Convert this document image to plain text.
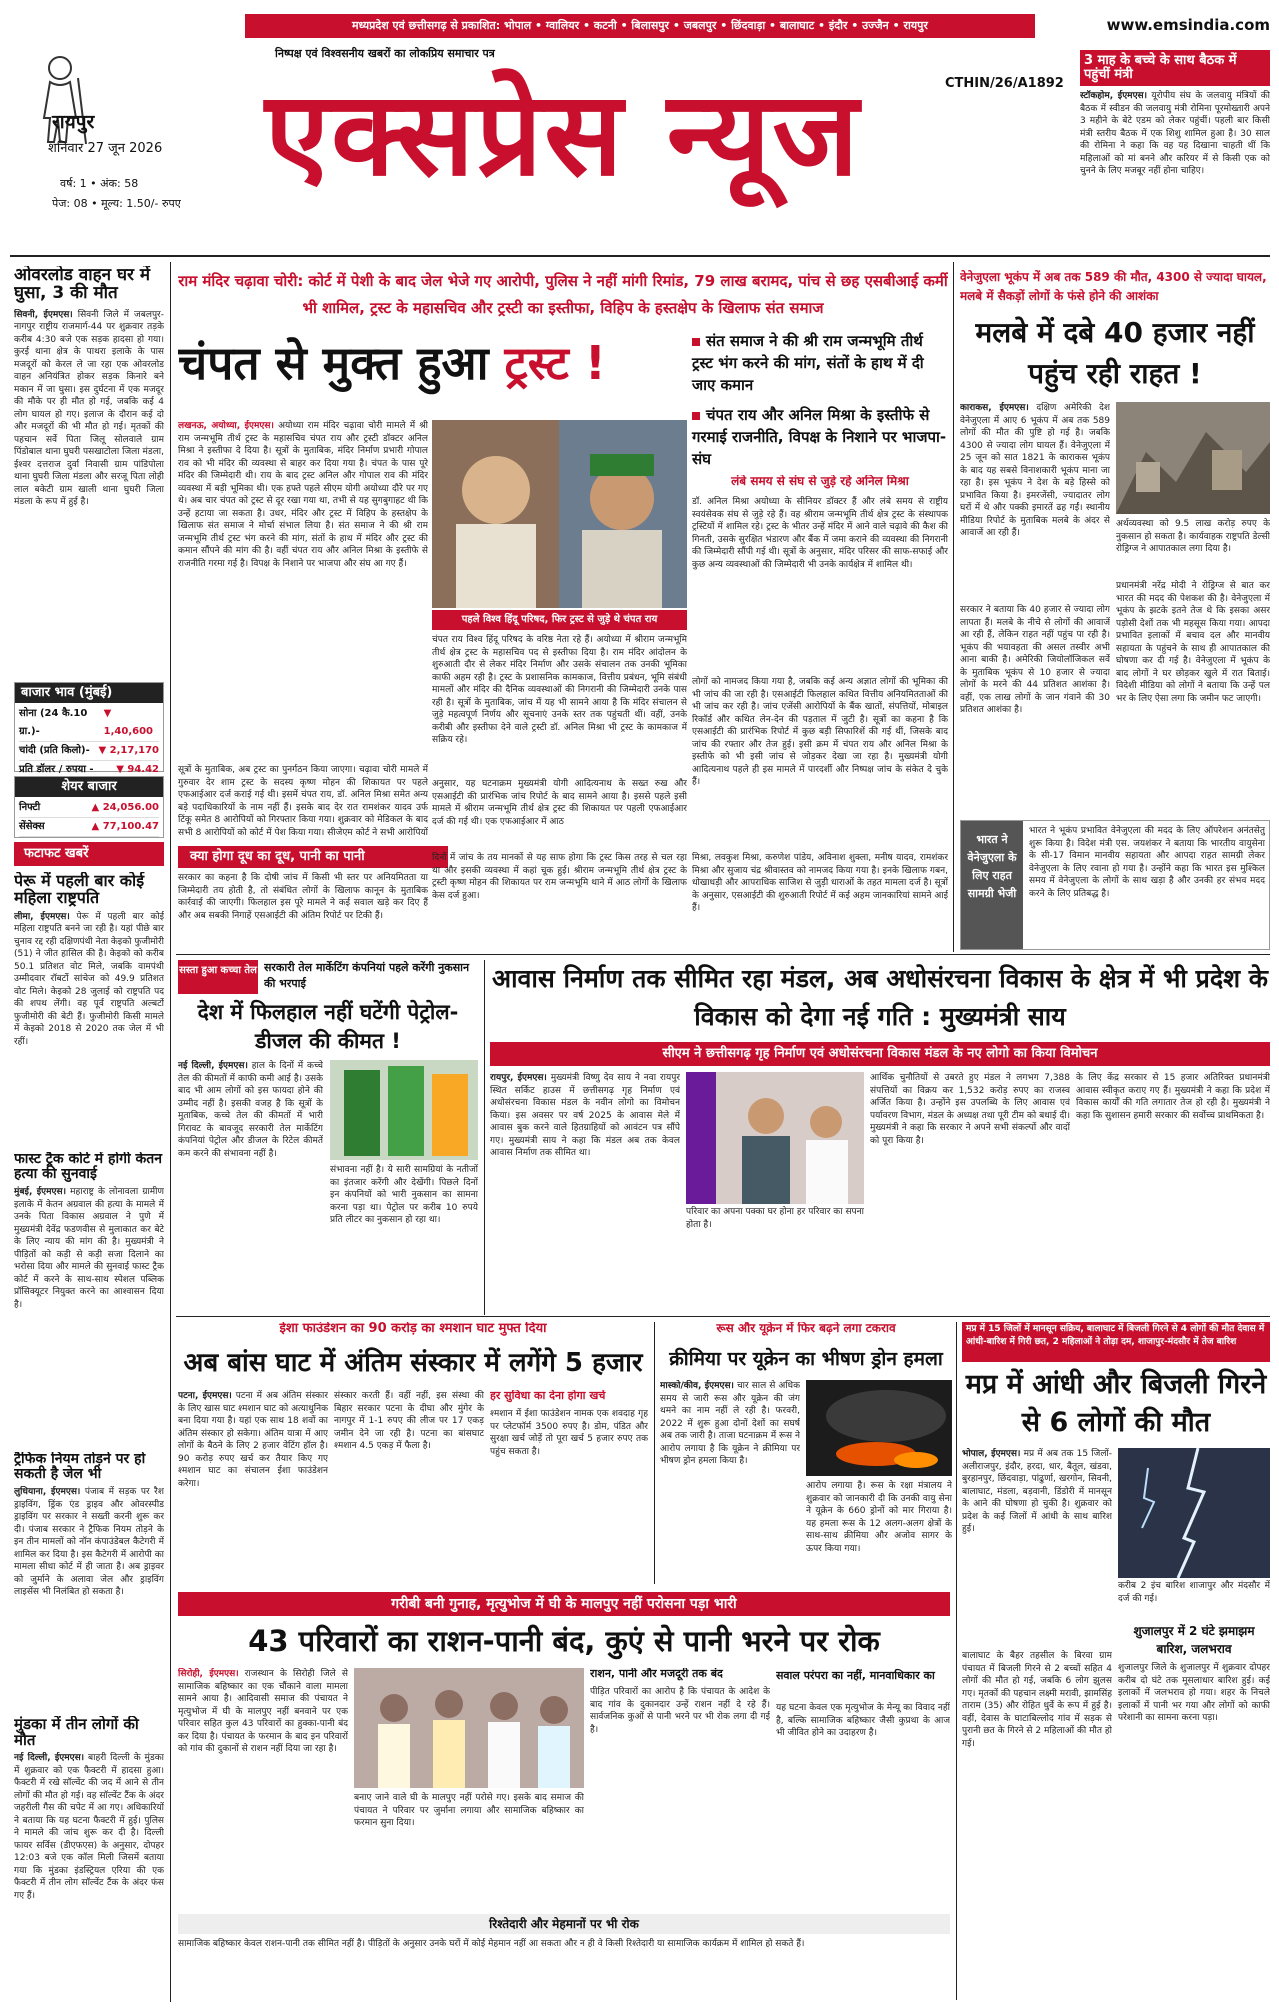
मध्यप्रदेश एवं छत्तीसगढ़ से प्रकाशित: भोपाल • ग्वालियर • कटनी • बिलासपुर • जबलपुर • छिंदवाड़ा • बालाघाट • इंदौर • उज्जैन • रायपुर	www.emsindia.com
रायपुर
शनिवार 27 जून 2026
वर्ष: 1 • अंक: 58
पेज: 08 • मूल्य: 1.50/- रुपए
निष्पक्ष एवं विश्वसनीय खबरों का लोकप्रिय समाचार पत्र
एक्सप्रेस न्यूज	CTHIN/26/A1892
3 माह के बच्चे के साथ बैठक में पहुंचीं मंत्री
स्टॉकहोम, ईएमएस। यूरोपीय संघ के जलवायु मंत्रियों की बैठक में स्वीडन की जलवायु मंत्री रोमिना पूरमोख्तारी अपने 3 महीने के बेटे एडम को लेकर पहुंचीं। पहली बार किसी मंत्री स्तरीय बैठक में एक शिशु शामिल हुआ है। 30 साल की रोमिना ने कहा कि वह यह दिखाना चाहती थीं कि महिलाओं को मां बनने और करियर में से किसी एक को चुनने के लिए मजबूर नहीं होना चाहिए।
ओवरलोड वाहन घर में घुसा, 3 की मौत
सिवनी, ईएमएस। सिवनी जिले में जबलपुर-नागपुर राष्ट्रीय राजमार्ग-44 पर शुक्रवार तड़के करीब 4:30 बजे एक सड़क हादसा हो गया। कुरई थाना क्षेत्र के पाथरा इलाके के पास मजदूरों को केरल ले जा रहा एक ओवरलोड वाहन अनियंत्रित होकर सड़क किनारे बने मकान में जा घुसा। इस दुर्घटना में एक मजदूर की मौके पर ही मौत हो गई, जबकि कई 4 लोग घायल हो गए। इलाज के दौरान कई दो और मजदूरों की भी मौत हो गई। मृतकों की पहचान सर्वे पिता जिलू सोलवाले ग्राम पिंडोबाल थाना घुघरी पसखाटोला जिला मंडला, ईश्वर दत्तराज दुर्वा निवासी ग्राम पांडिपोला थाना घुघरी जिला मंडला और सरजू पिता लोही लाल बकेटी ग्राम खाली थाना घुघरी जिला मंडला के रूप में हुई है।
बाजार भाव (मुंबई)
सोना (24 कै.10 ग्रा.)-
▼ 1,40,600
चांदी (प्रति किलो)- ▼ 2,17,170
प्रति डॉलर / रुपया - ▼ 94.42
शेयर बाजार
निफ्टी	▲ 24,056.00
सेंसेक्स	▲ 77,100.47
फटाफट खबरें
पेरू में पहली बार कोई महिला राष्ट्रपति
लीमा, ईएमएस। पेरू में पहली बार कोई महिला राष्ट्रपति बनने जा रही है। यहां पीछे बार चुनाव रद्द रही दक्षिणपंथी नेता केइको फुजीमोरी (51) ने जीत हासिल की है। केइको को करीब 50.1 प्रतिशत वोट मिले, जबकि वामपंथी उम्मीदवार रॉबर्टो सांचेज को 49.9 प्रतिशत वोट मिले। केइको 28 जुलाई को राष्ट्रपति पद की शपथ लेंगी। वह पूर्व राष्ट्रपति अल्बर्टो फुजीमोरी की बेटी हैं। फुजीमोरी किसी मामले में केइको 2018 से 2020 तक जेल में भी रहीं।
फास्ट ट्रैक कोर्ट में होगी केतन हत्या की सुनवाई
मुंबई, ईएमएस। महाराष्ट्र के लोनावला ग्रामीण इलाके में केतन अग्रवाल की हत्या के मामले में उनके पिता विकास अग्रवाल ने पुणे में मुख्यमंत्री देवेंद्र फडणवीस से मुलाकात कर बेटे के लिए न्याय की मांग की है। मुख्यमंत्री ने पीड़ितों को कड़ी से कड़ी सजा दिलाने का भरोसा दिया और मामले की सुनवाई फास्ट ट्रैक कोर्ट में करने के साथ-साथ स्पेशल पब्लिक प्रॉसिक्यूटर नियुक्त करने का आश्वासन दिया है।
ट्रैफिक नियम तोड़ने पर हो सकती है जेल भी
लुधियाना, ईएमएस। पंजाब में सड़क पर रैश ड्राइविंग, ड्रिंक एंड ड्राइव और ओवरस्पीड ड्राइविंग पर सरकार ने सख्ती करनी शुरू कर दी। पंजाब सरकार ने ट्रैफिक नियम तोड़ने के इन तीन मामलों को नॉन कंपाउंडेबल कैटेगरी में शामिल कर दिया है। इस कैटेगरी में आरोपी का मामला सीधा कोर्ट में ही जाता है। अब ड्राइवर को जुर्माने के अलावा जेल और ड्राइविंग लाइसेंस भी निलंबित हो सकता है।
मुंडका में तीन लोगों की मौत
नई दिल्ली, ईएमएस। बाहरी दिल्ली के मुंडका में शुक्रवार को एक फैक्टरी में हादसा हुआ। फैक्टरी में रखे सॉल्वेंट की जद में आने से तीन लोगों की मौत हो गई। वह सॉल्वेंट टैंक के अंदर जहरीली गैस की चपेट में आ गए। अधिकारियों ने बताया कि यह घटना फैक्टरी में हुई। पुलिस ने मामले की जांच शुरू कर दी है। दिल्ली फायर सर्विस (डीएफएस) के अनुसार, दोपहर 12:03 बजे एक कॉल मिली जिसमें बताया गया कि मुंडका इंडस्ट्रियल एरिया की एक फैक्टरी में तीन लोग सॉल्वेंट टैंक के अंदर फंस गए हैं।
राम मंदिर चढ़ावा चोरी: कोर्ट में पेशी के बाद जेल भेजे गए आरोपी, पुलिस ने नहीं मांगी रिमांड, 79 लाख बरामद, पांच से छह एसबीआई कर्मी भी शामिल, ट्रस्ट के महासचिव और ट्रस्टी का इस्तीफा, विहिप के हस्तक्षेप के खिलाफ संत समाज
चंपत से मुक्त हुआ ट्रस्ट !	संत समाज ने की श्री राम जन्मभूमि तीर्थ ट्रस्ट भंग करने की मांग, संतों के हाथ में दी जाए कमान
चंपत राय और अनिल मिश्रा के इस्तीफे से गरमाई राजनीति, विपक्ष के निशाने पर भाजपा-संघ
लखनऊ, अयोध्या, ईएमएस। अयोध्या राम मंदिर चढ़ावा चोरी मामले में श्री राम जन्मभूमि तीर्थ ट्रस्ट के महासचिव चंपत राय और ट्रस्टी डॉक्टर अनिल मिश्रा ने इस्तीफा दे दिया है। सूत्रों के मुताबिक, मंदिर निर्माण प्रभारी गोपाल राव को भी मंदिर की व्यवस्था से बाहर कर दिया गया है। चंपत के पास पूरे मंदिर की जिम्मेदारी थी। राय के बाद ट्रस्ट अनिल और गोपाल राव की मंदिर व्यवस्था में बड़ी भूमिका थी। एक हफ्ते पहले सीएम योगी अयोध्या दौरे पर गए थे। अब चार चंपत को ट्रस्ट से दूर रखा गया था, तभी से यह सुगबुगाहट थी कि उन्हें हटाया जा सकता है। उधर, मंदिर और ट्रस्ट में विहिप के हस्तक्षेप के खिलाफ संत समाज ने मोर्चा संभाल लिया है। संत समाज ने की श्री राम जन्मभूमि तीर्थ ट्रस्ट भंग करने की मांग, संतों के हाथ में मंदिर और ट्रस्ट की कमान सौंपने की मांग की है। वहीं चंपत राय और अनिल मिश्रा के इस्तीफे से राजनीति गरमा गई है। विपक्ष के निशाने पर भाजपा और संघ आ गए हैं।
सूत्रों के मुताबिक, अब ट्रस्ट का पुनर्गठन किया जाएगा। चढ़ावा चोरी मामले में गुरुवार देर शाम ट्रस्ट के सदस्य कृष्ण मोहन की शिकायत पर पहले एफआईआर दर्ज कराई गई थी। इसमें चंपत राय, डॉ. अनिल मिश्रा समेत अन्य बड़े पदाधिकारियों के नाम नहीं हैं। इसके बाद देर रात रामशंकर यादव उर्फ टिंकू समेत 8 आरोपियों को गिरफ्तार किया गया। शुक्रवार को मेडिकल के बाद सभी 8 आरोपियों को कोर्ट में पेश किया गया। सीजेएम कोर्ट ने सभी आरोपियों
पहले विश्व हिंदू परिषद, फिर ट्रस्ट से जुड़े थे चंपत राय
चंपत राय विश्व हिंदू परिषद के वरिष्ठ नेता रहे हैं। अयोध्या में श्रीराम जन्मभूमि तीर्थ क्षेत्र ट्रस्ट के महासचिव पद से इस्तीफा दिया है। राम मंदिर आंदोलन के शुरुआती दौर से लेकर मंदिर निर्माण और उसके संचालन तक उनकी भूमिका काफी अहम रही है। ट्रस्ट के प्रशासनिक कामकाज, वित्तीय प्रबंधन, भूमि संबंधी मामलों और मंदिर की दैनिक व्यवस्थाओं की निगरानी की जिम्मेदारी उनके पास रही है। सूत्रों के मुताबिक, जांच में यह भी सामने आया है कि मंदिर संचालन से जुड़े महत्वपूर्ण निर्णय और सूचनाएं उनके स्तर तक पहुंचती थीं। वहीं, उनके करीबी और इस्तीफा देने वाले ट्रस्टी डॉ. अनिल मिश्रा भी ट्रस्ट के कामकाज में सक्रिय रहे।
अनुसार, यह घटनाक्रम मुख्यमंत्री योगी आदित्यनाथ के सख्त रुख और एसआईटी की प्रारंभिक जांच रिपोर्ट के बाद सामने आया है। इससे पहले इसी मामले में श्रीराम जन्मभूमि तीर्थ क्षेत्र ट्रस्ट की शिकायत पर पहली एफआईआर दर्ज की गई थी। एक एफआईआर में आठ
लंबे समय से संघ से जुड़े रहे अनिल मिश्रा
डॉ. अनिल मिश्रा अयोध्या के सीनियर डॉक्टर हैं और लंबे समय से राष्ट्रीय स्वयंसेवक संघ से जुड़े रहे हैं। वह श्रीराम जन्मभूमि तीर्थ क्षेत्र ट्रस्ट के संस्थापक ट्रस्टियों में शामिल रहे। ट्रस्ट के भीतर उन्हें मंदिर में आने वाले चढ़ावे की कैश की गिनती, उसके सुरक्षित भंडारण और बैंक में जमा कराने की व्यवस्था की निगरानी की जिम्मेदारी सौंपी गई थी। सूत्रों के अनुसार, मंदिर परिसर की साफ-सफाई और कुछ अन्य व्यवस्थाओं की जिम्मेदारी भी उनके कार्यक्षेत्र में शामिल थी।
लोगों को नामजद किया गया है, जबकि कई अन्य अज्ञात लोगों की भूमिका की भी जांच की जा रही है। एसआईटी फिलहाल कथित वित्तीय अनियमितताओं की भी जांच कर रही है। जांच एजेंसी आरोपियों के बैंक खातों, संपत्तियों, मोबाइल रिकॉर्ड और कथित लेन-देन की पड़ताल में जुटी है। सूत्रों का कहना है कि एसआईटी की प्रारंभिक रिपोर्ट में कुछ बड़ी सिफारिशें की गई थीं, जिसके बाद जांच की रफ्तार और तेज हुई। इसी क्रम में चंपत राय और अनिल मिश्रा के इस्तीफे को भी इसी जांच से जोड़कर देखा जा रहा है। मुख्यमंत्री योगी आदित्यनाथ पहले ही इस मामले में पारदर्शी और निष्पक्ष जांच के संकेत दे चुके हैं।
क्या होगा दूध का दूध, पानी का पानी
सरकार का कहना है कि दोषी जांच में किसी भी स्तर पर अनियमितता या जिम्मेदारी तय होती है, तो संबंधित लोगों के खिलाफ कानून के मुताबिक कार्रवाई की जाएगी। फिलहाल इस पूरे मामले ने कई सवाल खड़े कर दिए हैं और अब सबकी निगाहें एसआईटी की अंतिम रिपोर्ट पर टिकी हैं।
दिनों में जांच के तय मानकों से यह साफ होगा कि ट्रस्ट किस तरह से चल रहा था और इसकी व्यवस्था में कहां चूक हुई। श्रीराम जन्मभूमि तीर्थ क्षेत्र ट्रस्ट के ट्रस्टी कृष्ण मोहन की शिकायत पर राम जन्मभूमि थाने में आठ लोगों के खिलाफ केस दर्ज हुआ।
मिश्रा, लवकुश मिश्रा, करुणेश पांडेय, अविनाश शुक्ला, मनीष यादव, रामशंकर मिश्रा और सुजाय चंद्र श्रीवास्तव को नामजद किया गया है। इनके खिलाफ गबन, धोखाधड़ी और आपराधिक साजिश से जुड़ी धाराओं के तहत मामला दर्ज है। सूत्रों के अनुसार, एसआईटी की शुरुआती रिपोर्ट में कई अहम जानकारियां सामने आई हैं।
वेनेजुएला भूकंप में अब तक 589 की मौत, 4300 से ज्यादा घायल, मलबे में सैकड़ों लोगों के फंसे होने की आशंका
मलबे में दबे 40 हजार नहीं पहुंच रही राहत !
काराकस, ईएमएस। दक्षिण अमेरिकी देश वेनेजुएला में आए 6 भूकंप में अब तक 589 लोगों की मौत की पुष्टि हो गई है। जबकि 4300 से ज्यादा लोग घायल हैं। वेनेजुएला में 25 जून को सात 1821 के काराकस भूकंप के बाद यह सबसे विनाशकारी भूकंप माना जा रहा है। इस भूकंप ने देश के बड़े हिस्से को प्रभावित किया है। इमरजेंसी, ज्यादातर लोग घरों में थे और पक्की इमारतें ढह गईं। स्थानीय मीडिया रिपोर्ट के मुताबिक मलबे के अंदर से आवाजें आ रही हैं।
सरकार ने बताया कि 40 हजार से ज्यादा लोग लापता हैं। मलबे के नीचे से लोगों की आवाजें आ रही हैं, लेकिन राहत नहीं पहुंच पा रही है। भूकंप की भयावहता की असल तस्वीर अभी आना बाकी है। अमेरिकी जियोलॉजिकल सर्वे के मुताबिक भूकंप से 10 हजार से ज्यादा लोगों के मरने की 44 प्रतिशत आशंका है। वहीं, एक लाख लोगों के जान गंवाने की 30 प्रतिशत आशंका है।
अर्थव्यवस्था को 9.5 लाख करोड़ रुपए के नुकसान हो सकता है। कार्यवाहक राष्ट्रपति डेल्सी रोड्रिग्ज ने आपातकाल लगा दिया है।
प्रधानमंत्री नरेंद्र मोदी ने रोड्रिग्ज से बात कर भारत की मदद की पेशकश की है। वेनेजुएला में भूकंप के झटके इतने तेज थे कि इसका असर पड़ोसी देशों तक भी महसूस किया गया। आपदा प्रभावित इलाकों में बचाव दल और मानवीय सहायता के पहुंचने के साथ ही आपातकाल की घोषणा कर दी गई है। वेनेजुएला में भूकंप के बाद लोगों ने घर छोड़कर खुले में रात बिताई। विदेशी मीडिया को लोगों ने बताया कि उन्हें पल भर के लिए ऐसा लगा कि जमीन फट जाएगी।
भारत ने वेनेजुएला के लिए राहत सामग्री भेजी
भारत ने भूकंप प्रभावित वेनेजुएला की मदद के लिए ऑपरेशन अनंतसेतु शुरू किया है। विदेश मंत्री एस. जयशंकर ने बताया कि भारतीय वायुसेना के सी-17 विमान मानवीय सहायता और आपदा राहत सामग्री लेकर वेनेजुएला के लिए रवाना हो गया है। उन्होंने कहा कि भारत इस मुश्किल समय में वेनेजुएला के लोगों के साथ खड़ा है और उनकी हर संभव मदद करने के लिए प्रतिबद्ध है।
सस्ता हुआ कच्चा तेल सरकारी तेल मार्केटिंग कंपनियां पहले करेंगी नुकसान की भरपाई
देश में फिलहाल नहीं घटेंगी पेट्रोल-डीजल की कीमत !
नई दिल्ली, ईएमएस। हाल के दिनों में कच्चे तेल की कीमतों में काफी कमी आई है। उसके बाद भी आम लोगों को इस फायदा होने की उम्मीद नहीं है। इसकी वजह है कि सूत्रों के मुताबिक, कच्चे तेल की कीमतों में भारी गिरावट के बावजूद सरकारी तेल मार्केटिंग कंपनियां पेट्रोल और डीजल के रिटेल कीमतें कम करने की संभावना नहीं है।
संभावना नहीं है। ये सारी सामग्रियां के नतीजों का इंतजार करेंगी और देखेंगी। पिछले दिनों इन कंपनियों को भारी नुकसान का सामना करना पड़ा था। पेट्रोल पर करीब 10 रुपये प्रति लीटर का नुकसान हो रहा था।
आवास निर्माण तक सीमित रहा मंडल, अब अधोसंरचना विकास के क्षेत्र में भी प्रदेश के विकास को देगा नई गति : मुख्यमंत्री साय
सीएम ने छत्तीसगढ़ गृह निर्माण एवं अधोसंरचना विकास मंडल के नए लोगो का किया विमोचन
रायपुर, ईएमएस। मुख्यमंत्री विष्णु देव साय ने नवा रायपुर स्थित सर्किट हाउस में छत्तीसगढ़ गृह निर्माण एवं अधोसंरचना विकास मंडल के नवीन लोगो का विमोचन किया। इस अवसर पर वर्ष 2025 के आवास मेले में आवास बुक करने वाले हितग्राहियों को आवंटन पत्र सौंपे गए। मुख्यमंत्री साय ने कहा कि मंडल अब तक केवल आवास निर्माण तक सीमित था।
परिवार का अपना पक्का घर होना हर परिवार का सपना होता है।
आर्थिक चुनौतियों से उबरते हुए मंडल ने लगभग 7,388 संपत्तियों का विक्रय कर 1,532 करोड़ रुपए का राजस्व अर्जित किया है। उन्होंने इस उपलब्धि के लिए आवास एवं पर्यावरण विभाग, मंडल के अध्यक्ष तथा पूरी टीम को बधाई दी। मुख्यमंत्री ने कहा कि सरकार ने अपने सभी संकल्पों और वादों को पूरा किया है।
के लिए केंद्र सरकार से 15 हजार अतिरिक्त प्रधानमंत्री आवास स्वीकृत कराए गए हैं। मुख्यमंत्री ने कहा कि प्रदेश में विकास कार्यों की गति लगातार तेज हो रही है। मुख्यमंत्री ने कहा कि सुशासन हमारी सरकार की सर्वोच्च प्राथमिकता है।
ईशा फाउंडेशन का 90 करोड़ का श्मशान घाट मुफ्त दिया
अब बांस घाट में अंतिम संस्कार में लगेंगे 5 हजार
पटना, ईएमएस। पटना में अब अंतिम संस्कार के लिए खास घाट श्मशान घाट को अत्याधुनिक बना दिया गया है। यहां एक साथ 18 शवों का अंतिम संस्कार हो सकेगा। अंतिम यात्रा में आए लोगों के बैठने के लिए 2 हजार वेटिंग हॉल है। 90 करोड़ रुपए खर्च कर तैयार किए गए श्मशान घाट का संचालन ईशा फाउंडेशन करेगा।
संस्कार करती हैं। वहीं नहीं, इस संस्था की बिहार सरकार पटना के दीघा और मुंगेर के नागपुर में 1-1 रुपए की लीज पर 17 एकड़ जमीन देने जा रही है। पटना का बांसघाट श्मशान 4.5 एकड़ में फैला है।
हर सुविधा का देना होगा खर्च
श्मशान में ईशा फाउंडेशन नामक एक शवदाह गृह पर प्लेटफॉर्म 3500 रुपए है। डोम, पंडित और सुरक्षा खर्च जोड़ें तो पूरा खर्च 5 हजार रुपए तक पहुंच सकता है।
रूस और यूक्रेन में फिर बढ़ने लगा टकराव
क्रीमिया पर यूक्रेन का भीषण ड्रोन हमला
मास्को/कीव, ईएमएस। चार साल से अधिक समय से जारी रूस और यूक्रेन की जंग थमने का नाम नहीं ले रही है। फरवरी, 2022 में शुरू हुआ दोनों देशों का सघर्ष अब तक जारी है। ताजा घटनाक्रम में रूस ने आरोप लगाया है कि यूक्रेन ने क्रीमिया पर भीषण ड्रोन हमला किया है।
आरोप लगाया है। रूस के रक्षा मंत्रालय ने शुक्रवार को जानकारी दी कि उनकी वायु सेना ने यूक्रेन के 660 ड्रोनों को मार गिराया है। यह हमला रूस के 12 अलग-अलग क्षेत्रों के साथ-साथ क्रीमिया और अजोव सागर के ऊपर किया गया।
मप्र में 15 जिलों में मानसून सक्रिय, बालाघाट में बिजली गिरने से 4 लोगों की मौत देवास में आंधी-बारिश में गिरी छत, 2 महिलाओं ने तोड़ा दम, शाजापुर-मंदसौर में तेज बारिश
मप्र में आंधी और बिजली गिरने से 6 लोगों की मौत
भोपाल, ईएमएस। मप्र में अब तक 15 जिलों-अलीराजपुर, इंदौर, हरदा, धार, बैतूल, खंडवा, बुरहानपुर, छिंदवाड़ा, पांढुर्णा, खरगोन, सिवनी, बालाघाट, मंडला, बड़वानी, डिंडोरी में मानसून के आने की घोषणा हो चुकी है। शुक्रवार को प्रदेश के कई जिलों में आंधी के साथ बारिश हुई।
करीब 2 इंच बारिश शाजापुर और मंदसौर में दर्ज की गई।
बालाघाट के बैहर तहसील के बिरवा ग्राम पंचायत में बिजली गिरने से 2 बच्चों सहित 4 लोगों की मौत हो गई, जबकि 6 लोग झुलस गए। मृतकों की पहचान लक्ष्मी मरावी, झामसिंह ताराम (35) और रोहित धुर्वे के रूप में हुई है। वहीं, देवास के घाटाबिल्लोद गांव में सड़क से पुरानी छत के गिरने से 2 महिलाओं की मौत हो गई।
शुजालपुर में 2 घंटे झमाझम बारिश, जलभराव
शुजालपुर जिले के शुजालपुर में शुक्रवार दोपहर करीब दो घंटे तक मूसलाधार बारिश हुई। कई इलाकों में जलभराव हो गया। शहर के निचले इलाकों में पानी भर गया और लोगों को काफी परेशानी का सामना करना पड़ा।
गरीबी बनी गुनाह, मृत्युभोज में घी के मालपुए नहीं परोसना पड़ा भारी
43 परिवारों का राशन-पानी बंद, कुएं से पानी भरने पर रोक
सिरोही, ईएमएस। राजस्थान के सिरोही जिले से सामाजिक बहिष्कार का एक चौंकाने वाला मामला सामने आया है। आदिवासी समाज की पंचायत ने मृत्युभोज में घी के मालपुए नहीं बनवाने पर एक परिवार सहित कुल 43 परिवारों का हुक्का-पानी बंद कर दिया है। पंचायत के फरमान के बाद इन परिवारों को गांव की दुकानों से राशन नहीं दिया जा रहा है।
बनाए जाने वाले घी के मालपुए नहीं परोसे गए। इसके बाद समाज की पंचायत ने परिवार पर जुर्माना लगाया और सामाजिक बहिष्कार का फरमान सुना दिया।
राशन, पानी और मजदूरी तक बंद
पीड़ित परिवारों का आरोप है कि पंचायत के आदेश के बाद गांव के दुकानदार उन्हें राशन नहीं दे रहे हैं। सार्वजनिक कुओं से पानी भरने पर भी रोक लगा दी गई है।
सवाल परंपरा का नहीं, मानवाधिकार का
यह घटना केवल एक मृत्युभोज के मेन्यू का विवाद नहीं है, बल्कि सामाजिक बहिष्कार जैसी कुप्रथा के आज भी जीवित होने का उदाहरण है।
रिश्तेदारी और मेहमानों पर भी रोक
सामाजिक बहिष्कार केवल राशन-पानी तक सीमित नहीं है। पीड़ितों के अनुसार उनके घरों में कोई मेहमान नहीं आ सकता और न ही वे किसी रिश्तेदारी या सामाजिक कार्यक्रम में शामिल हो सकते हैं।
